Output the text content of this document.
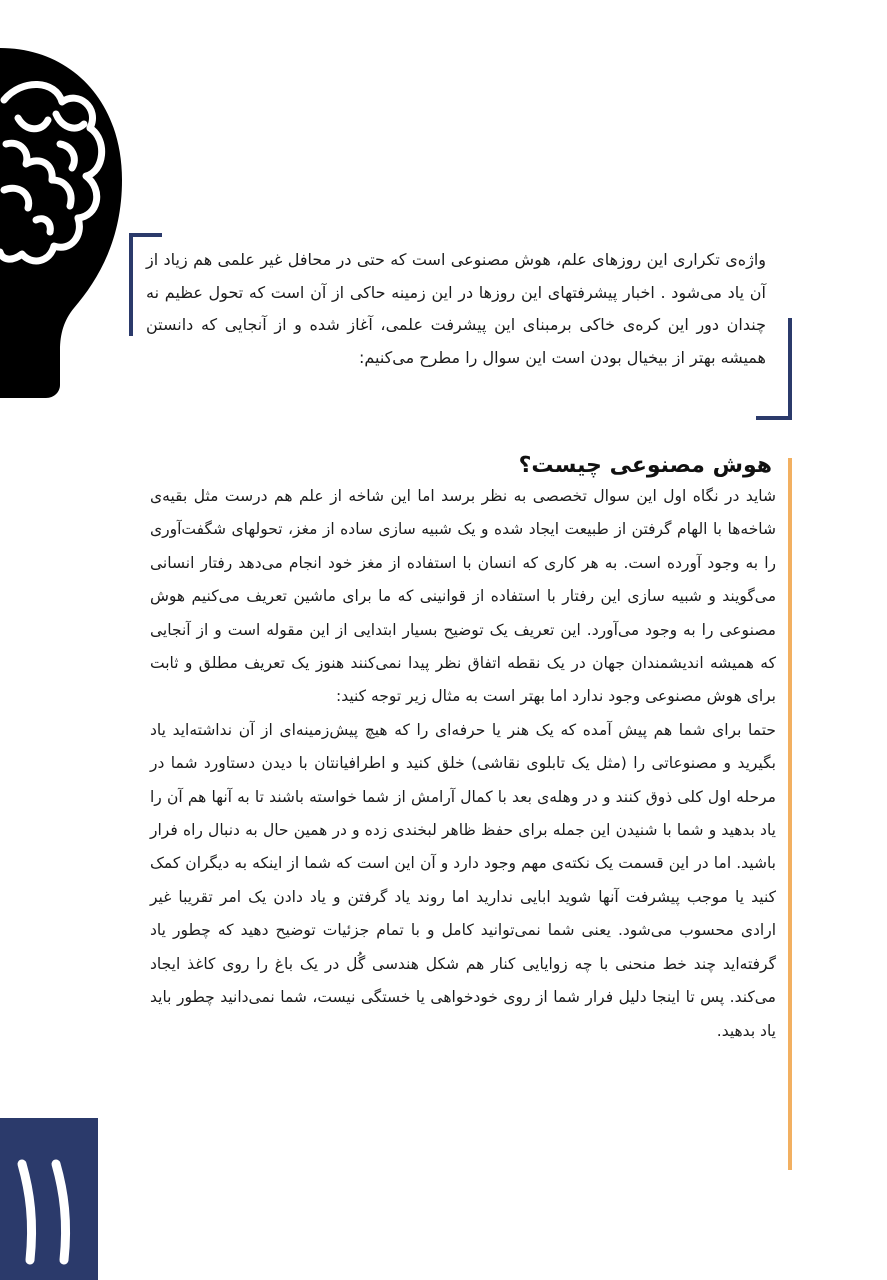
واژه‌ی تکراری این روزهای علم، هوش مصنوعی است که حتی در محافل غیر علمی هم زیاد از آن یاد می‌شود . اخبار پیشرفتهای این روزها در این زمینه حاکی از آن است که تحول عظیم نه چندان دور این کره‌ی خاکی برمبنای این پیشرفت علمی، آغاز شده و از آنجایی که دانستن همیشه بهتر از بیخیال بودن است این سوال را مطرح می‌کنیم:
هوش مصنوعی چیست؟

شاید در نگاه اول این سوال تخصصی به نظر برسد اما این شاخه از علم هم درست مثل بقیه‌ی شاخه‌ها با الهام گرفتن از طبیعت ایجاد شده و یک شبیه سازی ساده از مغز، تحولهای شگفت‌آوری را به وجود آورده است. به هر کاری که انسان با استفاده از مغز خود انجام می‌دهد رفتار انسانی می‌گویند و شبیه سازی این رفتار با استفاده از قوانینی که ما برای ماشین تعریف می‌کنیم هوش مصنوعی را به وجود می‌آورد. این تعریف یک توضیح بسیار ابتدایی از این مقوله است و از آنجایی که همیشه اندیشمندان جهان در یک نقطه اتفاق نظر پیدا نمی‌کنند هنوز یک تعریف مطلق و ثابت برای هوش مصنوعی وجود ندارد اما بهتر است به مثال زیر توجه کنید:

حتما برای شما هم پیش آمده که یک هنر یا حرفه‌ای را که هیچ پیش‌زمینه‌ای از آن نداشته‌اید یاد بگیرید و مصنوعاتی را (مثل یک تابلوی نقاشی) خلق کنید و اطرافیانتان با دیدن دستاورد شما در مرحله اول کلی ذوق کنند و در وهله‌ی بعد با کمال آرامش از شما خواسته باشند تا به آنها هم آن را یاد بدهید و شما با شنیدن این جمله برای حفظ ظاهر لبخندی زده و در همین حال به دنبال راه فرار باشید. اما در این قسمت یک نکته‌ی مهم وجود دارد و آن این است که شما از اینکه به دیگران کمک کنید یا موجب پیشرفت آنها شوید ابایی ندارید اما روند یاد گرفتن و یاد دادن یک امر تقریبا غیر ارادی محسوب می‌شود. یعنی شما نمی‌توانید کامل و با تمام جزئیات توضیح دهید که چطور یاد گرفته‌اید چند خط منحنی با چه زوایایی کنار هم شکل هندسی گُل در یک باغ را روی کاغذ ایجاد می‌کند. پس تا اینجا دلیل فرار شما از روی خودخواهی یا خستگی نیست، شما نمی‌دانید چطور باید یاد بدهید.
